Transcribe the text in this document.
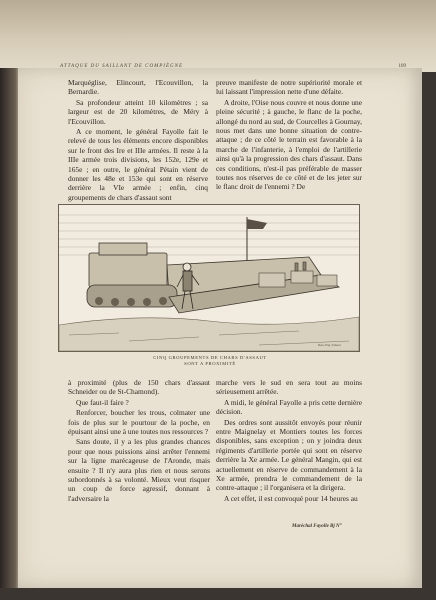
ATTAQUE DU SAILLANT DE COMPIÈGNE	109

Marquéglise, Elincourt, l'Ecouvillon, la Bernardie.

Sa profondeur atteint 10 kilomètres ; sa largeur est de 20 kilomètres, de Méry à l'Ecouvillon.

A ce moment, le général Fayolle fait le relevé de tous les éléments encore disponibles sur le front des Ire et IIIe armées. Il reste à la IIIe armée trois divisions, les 152e, 129e et 165e ; en outre, le général Pétain vient de donner les 48e et 153e qui sont en réserve derrière la VIe armée ; enfin, cinq groupements de chars d'assaut sont

preuve manifeste de notre supériorité morale et lui laissant l'impression nette d'une défaite.

A droite, l'Oise nous couvre et nous donne une pleine sécurité ; à gauche, le flanc de la poche, allongé du nord au sud, de Courcelles à Gournay, nous met dans une bonne situation de contre-attaque ; de ce côté le terrain est favorable à la marche de l'infanterie, à l'emploi de l'artillerie ainsi qu'à la progression des chars d'assaut. Dans ces conditions, n'est-il pas préférable de masser toutes nos réserves de ce côté et de les jeter sur le flanc droit de l'ennemi ? De

Dess. Eng. Scherer
CINQ GROUPEMENTS DE CHARS D'ASSAUT
SONT A PROXIMITÉ

à proximité (plus de 150 chars d'assaut Schneider ou de St-Chamond).

Que faut-il faire ?

Renforcer, boucher les trous, colmater une fois de plus sur le pourtour de la poche, en épuisant ainsi une à une toutes nos ressources ?

Sans doute, il y a les plus grandes chances pour que nous puissions ainsi arrêter l'ennemi sur la ligne marécageuse de l'Aronde, mais ensuite ? Il n'y aura plus rien et nous serons subordonnés à sa volonté. Mieux veut risquer un coup de force agressif, donnant à l'adversaire la

marche vers le sud en sera tout au moins sérieusement arrêtée.

A midi, le général Fayolle a pris cette dernière décision.

Des ordres sont aussitôt envoyés pour réunir entre Maignelay et Montiers toutes les forces disponibles, sans exception ; on y joindra deux régiments d'artillerie portée qui sont en réserve derrière la Xe armée. Le général Mangin, qui est actuellement en réserve de commandement à la Xe armée, prendra le commandement de la contre-attaque ; il l'organisera et la dirigera.

A cet effet, il est convoqué pour 14 heures au

Maréchal Fayolle Bj N°
